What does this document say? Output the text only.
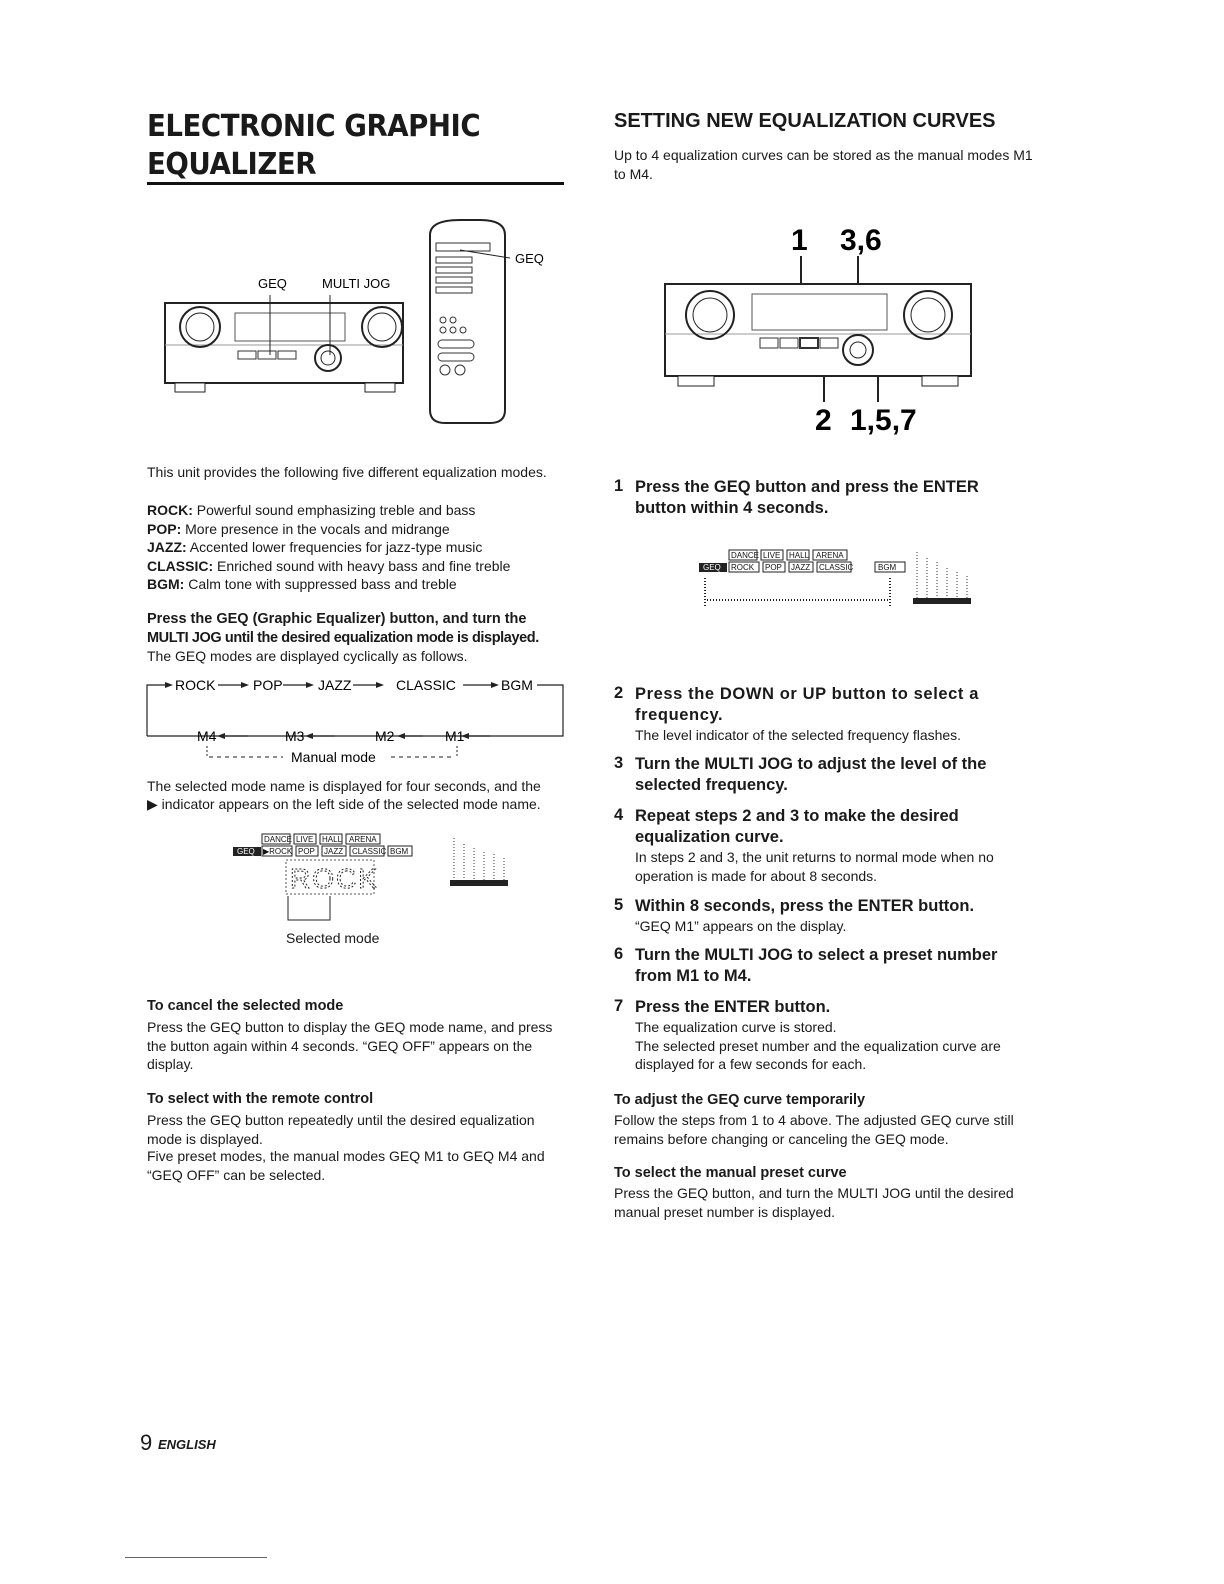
ELECTRONIC GRAPHIC
EQUALIZER
GEQ
GEQ	MULTI JOG

This unit provides the following five different equalization modes.

ROCK: Powerful sound emphasizing treble and bass

POP: More presence in the vocals and midrange

JAZZ: Accented lower frequencies for jazz-type music

CLASSIC: Enriched sound with heavy bass and fine treble

BGM: Calm tone with suppressed bass and treble

Press the GEQ (Graphic Equalizer) button, and turn the

MULTI JOG until the desired equalization mode is displayed.

The GEQ modes are displayed cyclically as follows.

ROCK	POP	JAZZ	CLASSIC	BGM
M4	M3	M2	M1
Manual mode

The selected mode name is displayed for four seconds, and the

▶ indicator appears on the left side of the selected mode name.

DANCE LIVE HALL ARENA
GEQ ▶ROCK POP JAZZ CLASSIC BGM
ROCK

Selected mode

To cancel the selected mode

Press the GEQ button to display the GEQ mode name, and press the button again within 4 seconds. “GEQ OFF” appears on the display.

To select with the remote control

Press the GEQ button repeatedly until the desired equalization mode is displayed.

Five preset modes, the manual modes GEQ M1 to GEQ M4 and “GEQ OFF” can be selected.

SETTING NEW EQUALIZATION CURVES

Up to 4 equalization curves can be stored as the manual modes M1 to M4.

1 3,6
2 1,5,7
1 Press the GEQ button and press the ENTER button within 4 seconds.
DANCE LIVE HALL ARENA
GEQ ROCK POP JAZZ CLASSIC	BGM
2 Press the DOWN or UP button to select a frequency.
The level indicator of the selected frequency flashes.
3 Turn the MULTI JOG to adjust the level of the selected frequency.
4 Repeat steps 2 and 3 to make the desired equalization curve.
In steps 2 and 3, the unit returns to normal mode when no operation is made for about 8 seconds.
5 Within 8 seconds, press the ENTER button.
“GEQ M1” appears on the display.
6 Turn the MULTI JOG to select a preset number from M1 to M4.
7 Press the ENTER button.
The equalization curve is stored.
The selected preset number and the equalization curve are displayed for a few seconds for each.

To adjust the GEQ curve temporarily

Follow the steps from 1 to 4 above. The adjusted GEQ curve still remains before changing or canceling the GEQ mode.

To select the manual preset curve

Press the GEQ button, and turn the MULTI JOG until the desired manual preset number is displayed.

9 ENGLISH
